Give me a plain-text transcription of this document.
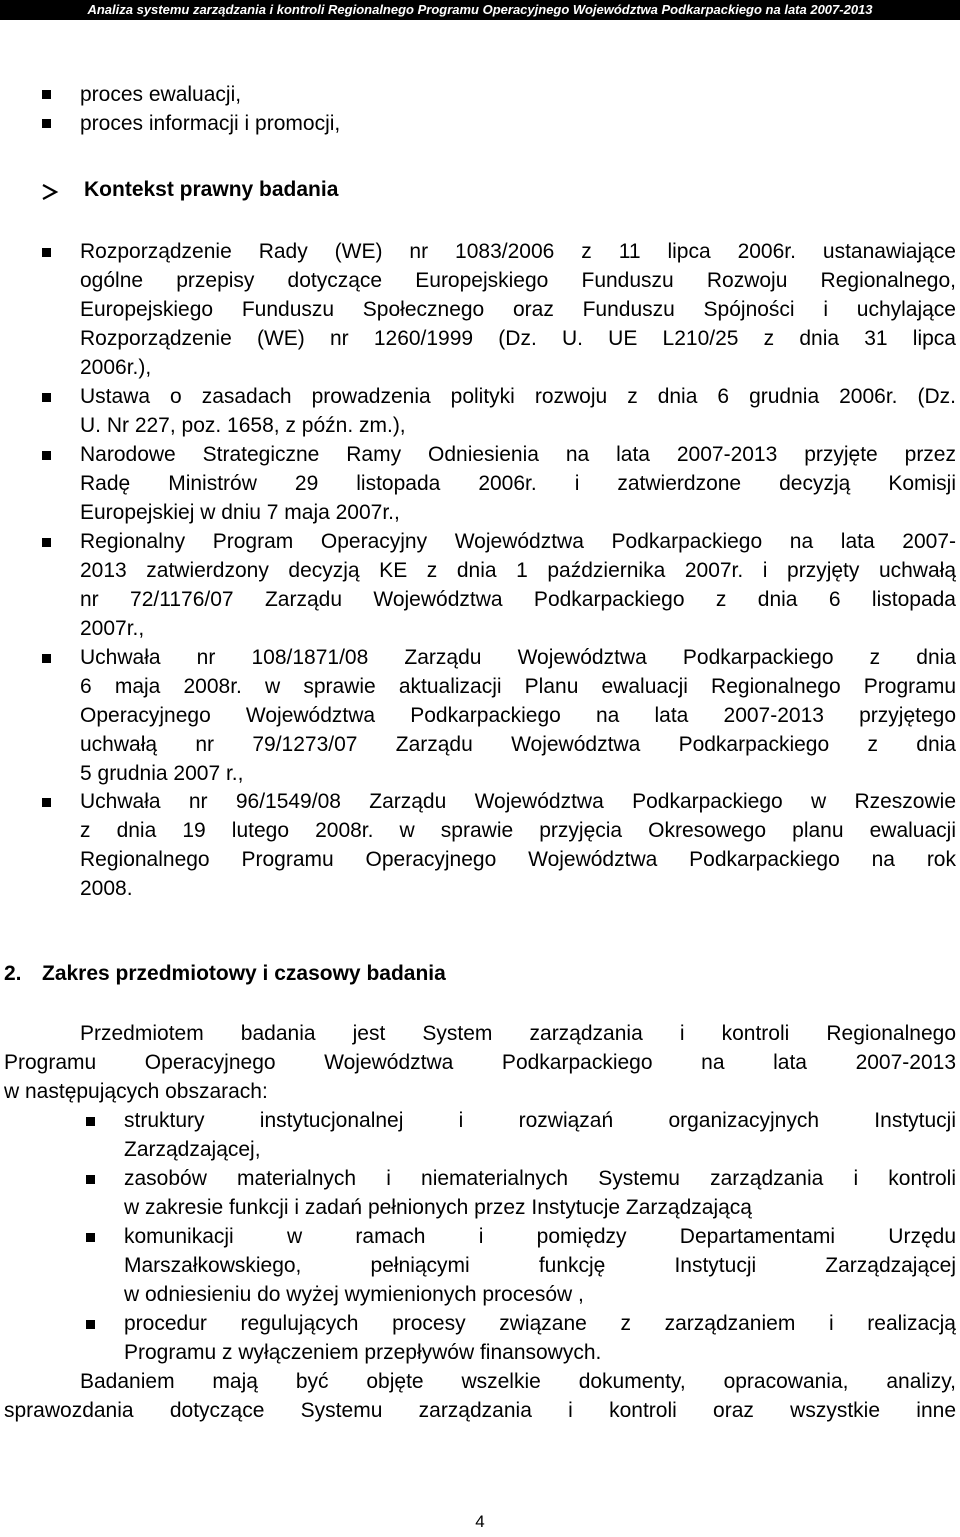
Analiza systemu zarządzania i kontroli Regionalnego Programu Operacyjnego Województwa Podkarpackiego na lata 2007-2013
proces ewaluacji,
proces informacji i promocji,
Kontekst prawny badania
Rozporządzenie Rady (WE) nr 1083/2006 z 11 lipca 2006r. ustanawiające
ogólne przepisy dotyczące Europejskiego Funduszu Rozwoju Regionalnego,
Europejskiego Funduszu Społecznego oraz Funduszu Spójności i uchylające
Rozporządzenie (WE) nr 1260/1999 (Dz. U. UE L210/25 z dnia 31 lipca
2006r.),
Ustawa o zasadach prowadzenia polityki rozwoju z dnia 6 grudnia 2006r. (Dz.
U. Nr 227, poz. 1658, z późn. zm.),
Narodowe Strategiczne Ramy Odniesienia na lata 2007-2013 przyjęte przez
Radę Ministrów 29 listopada 2006r. i zatwierdzone decyzją Komisji
Europejskiej w dniu 7 maja 2007r.,
Regionalny Program Operacyjny Województwa Podkarpackiego na lata 2007-
2013 zatwierdzony decyzją KE z dnia 1 października 2007r. i przyjęty uchwałą
nr 72/1176/07 Zarządu Województwa Podkarpackiego z dnia 6 listopada
2007r.,
Uchwała nr 108/1871/08 Zarządu Województwa Podkarpackiego z dnia
6 maja 2008r. w sprawie aktualizacji Planu ewaluacji Regionalnego Programu
Operacyjnego Województwa Podkarpackiego na lata 2007-2013 przyjętego
uchwałą nr 79/1273/07 Zarządu Województwa Podkarpackiego z dnia
5 grudnia 2007 r.,
Uchwała nr 96/1549/08 Zarządu Województwa Podkarpackiego w Rzeszowie
z dnia 19 lutego 2008r. w sprawie przyjęcia Okresowego planu ewaluacji
Regionalnego Programu Operacyjnego Województwa Podkarpackiego na rok
2008.
2. Zakres przedmiotowy i czasowy badania
Przedmiotem badania jest System zarządzania i kontroli Regionalnego
Programu Operacyjnego Województwa Podkarpackiego na lata 2007-2013
w następujących obszarach:
struktury instytucjonalnej i rozwiązań organizacyjnych Instytucji
Zarządzającej,
zasobów materialnych i niematerialnych Systemu zarządzania i kontroli
w zakresie funkcji i zadań pełnionych przez Instytucje Zarządzającą
komunikacji w ramach i pomiędzy Departamentami Urzędu
Marszałkowskiego, pełniącymi funkcję Instytucji Zarządzającej
w odniesieniu do wyżej wymienionych procesów ,
procedur regulujących procesy związane z zarządzaniem i realizacją
Programu z wyłączeniem przepływów finansowych.
Badaniem mają być objęte wszelkie dokumenty, opracowania, analizy,
sprawozdania dotyczące Systemu zarządzania i kontroli oraz wszystkie inne
4
